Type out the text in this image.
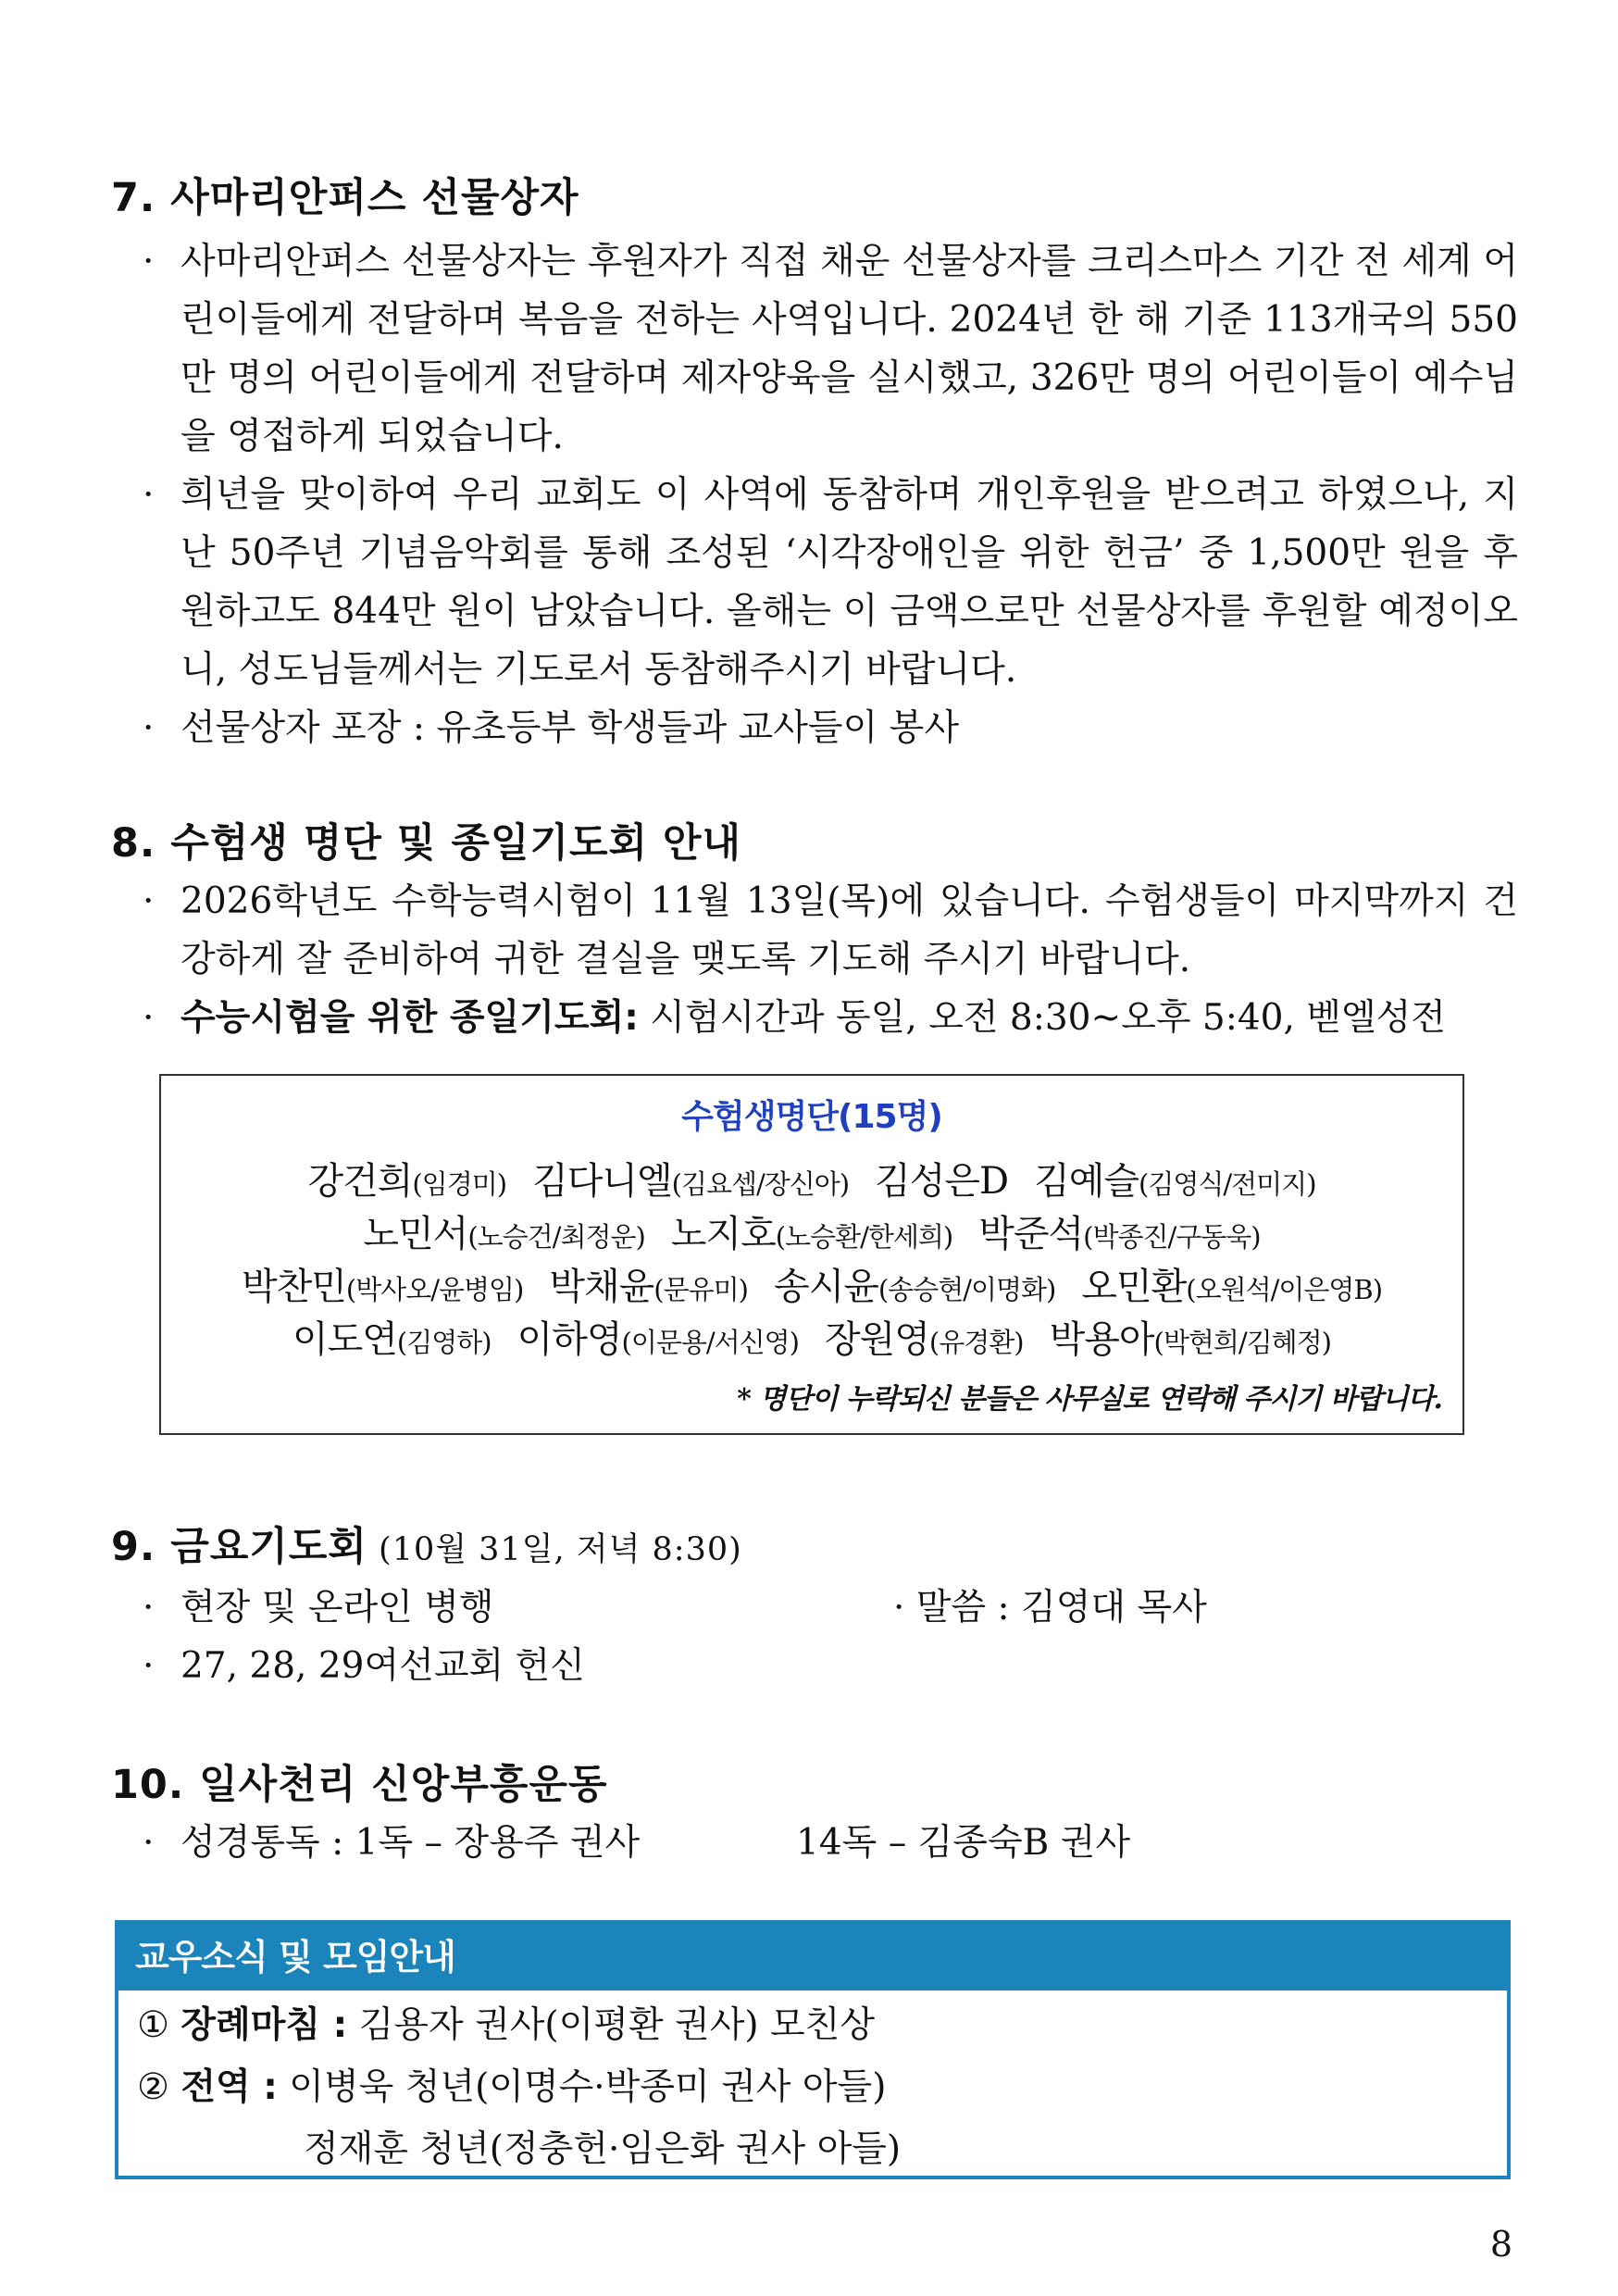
7. 사마리안퍼스 선물상자

· 사마리안퍼스 선물상자는 후원자가 직접 채운 선물상자를 크리스마스 기간 전 세계 어린이들에게 전달하며 복음을 전하는 사역입니다. 2024년 한 해 기준 113개국의 550만 명의 어린이들에게 전달하며 제자양육을 실시했고, 326만 명의 어린이들이 예수님을 영접하게 되었습니다.

· 희년을 맞이하여 우리 교회도 이 사역에 동참하며 개인후원을 받으려고 하였으나, 지난 50주년 기념음악회를 통해 조성된 ‘시각장애인을 위한 헌금’ 중 1,500만 원을 후원하고도 844만 원이 남았습니다. 올해는 이 금액으로만 선물상자를 후원할 예정이오니, 성도님들께서는 기도로서 동참해주시기 바랍니다.

· 선물상자 포장 : 유초등부 학생들과 교사들이 봉사

8. 수험생 명단 및 종일기도회 안내

· 2026학년도 수학능력시험이 11월 13일(목)에 있습니다. 수험생들이 마지막까지 건강하게 잘 준비하여 귀한 결실을 맺도록 기도해 주시기 바랍니다.

· 수능시험을 위한 종일기도회: 시험시간과 동일, 오전 8:30~오후 5:40, 벧엘성전

수험생명단(15명)
강건희(임경미) 김다니엘(김요셉/장신아) 김성은D 김예슬(김영식/전미지)
노민서(노승건/최정운) 노지호(노승환/한세희) 박준석(박종진/구동욱)
박찬민(박사오/윤병임) 박채윤(문유미) 송시윤(송승현/이명화) 오민환(오원석/이은영B)
이도연(김영하) 이하영(이문용/서신영) 장원영(유경환) 박용아(박현희/김혜정)
* 명단이 누락되신 분들은 사무실로 연락해 주시기 바랍니다.
9. 금요기도회 (10월 31일, 저녁 8:30)

· 현장 및 온라인 병행	· 말씀 : 김영대 목사

· 27, 28, 29여선교회 헌신

10. 일사천리 신앙부흥운동

· 성경통독 : 1독 – 장용주 권사	14독 – 김종숙B 권사

교우소식 및 모임안내
① 장례마침 : 김용자 권사(이평환 권사) 모친상
② 전역 : 이병욱 청년(이명수·박종미 권사 아들)
정재훈 청년(정충헌·임은화 권사 아들)
8
